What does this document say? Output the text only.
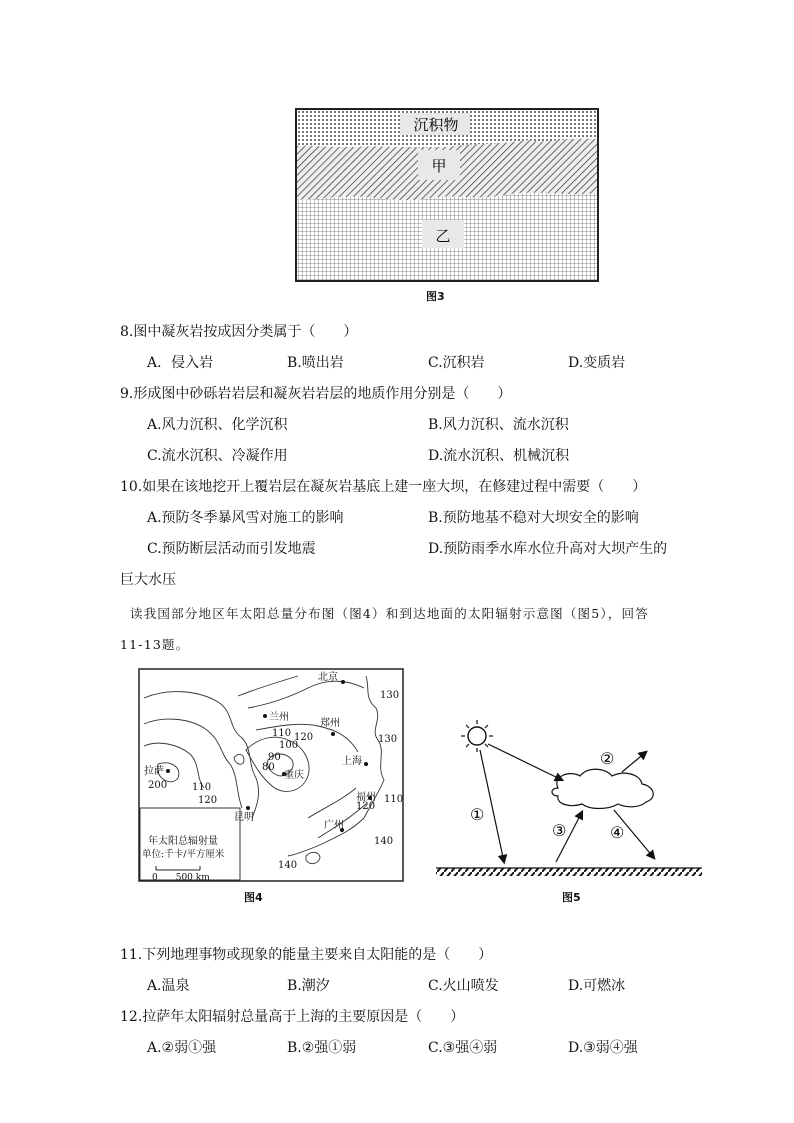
沉积物
甲
乙
图3
8.图中凝灰岩按成因分类属于（　　）
A．侵入岩	B.喷出岩	C.沉积岩	D.变质岩
9.形成图中砂砾岩岩层和凝灰岩岩层的地质作用分别是（　　）
A.风力沉积、化学沉积	B.风力沉积、流水沉积
C.流水沉积、冷凝作用	D.流水沉积、机械沉积
10.如果在该地挖开上覆岩层在凝灰岩基底上建一座大坝，在修建过程中需要（　　）
A.预防冬季暴风雪对施工的影响	B.预防地基不稳对大坝安全的影响
C.预防断层活动而引发地震	D.预防雨季水库水位升高对大坝产生的
巨大水压
读我国部分地区年太阳总量分布图（图4）和到达地面的太阳辐射示意图（图5），回答
11-13题。
年太阳总辐射量
单位:千卡/平方厘米
0　　500 km
北京
兰州
郑州
拉萨	重庆
上海
昆明
福州
广州
130
120
110
100
90
80
200 110
120
130
120
110
140
140
图4
①
②
③	④
图5
11.下列地理事物或现象的能量主要来自太阳能的是（　　）
A.温泉	B.潮汐	C.火山喷发	D.可燃冰
12.拉萨年太阳辐射总量高于上海的主要原因是（　　）
A.②弱①强	B.②强①弱	C.③强④弱	D.③弱④强
